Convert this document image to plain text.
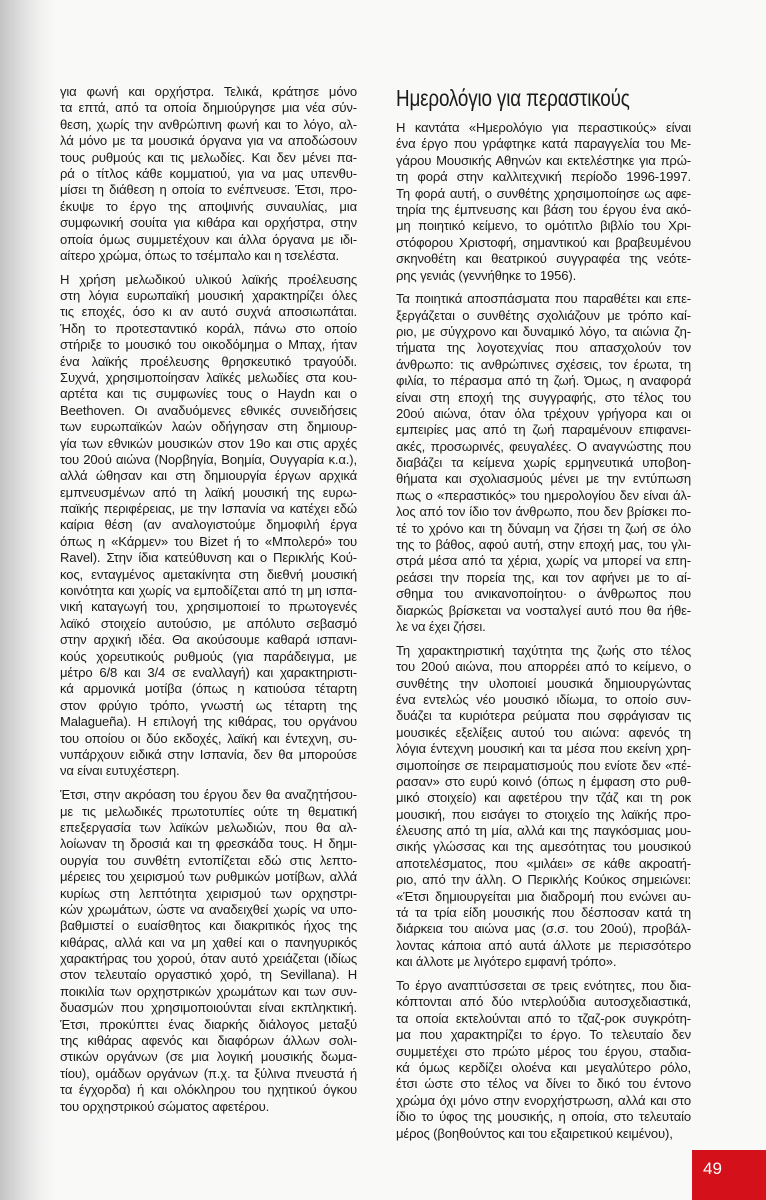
για φωνή και ορχήστρα. Τελικά, κράτησε μόνο
τα επτά, από τα οποία δημιούργησε μια νέα σύν-
θεση, χωρίς την ανθρώπινη φωνή και το λόγο, αλ-
λά μόνο με τα μουσικά όργανα για να αποδώσουν
τους ρυθμούς και τις μελωδίες. Και δεν μένει πα-
ρά ο τίτλος κάθε κομματιού, για να μας υπενθυ-
μίσει τη διάθεση η οποία το ενέπνευσε. Έτσι, προ-
έκυψε το έργο της αποψινής συναυλίας, μια
συμφωνική σουίτα για κιθάρα και ορχήστρα, στην
οποία όμως συμμετέχουν και άλλα όργανα με ιδι-
αίτερο χρώμα, όπως το τσέμπαλο και η τσελέστα.
Η χρήση μελωδικού υλικού λαϊκής προέλευσης
στη λόγια ευρωπαϊκή μουσική χαρακτηρίζει όλες
τις εποχές, όσο κι αν αυτό συχνά αποσιωπάται.
Ήδη το προτεσταντικό κοράλ, πάνω στο οποίο
στήριξε το μουσικό του οικοδόμημα ο Μπαχ, ήταν
ένα λαϊκής προέλευσης θρησκευτικό τραγούδι.
Συχνά, χρησιμοποίησαν λαϊκές μελωδίες στα κου-
αρτέτα και τις συμφωνίες τους ο Haydn και ο
Beethoven. Οι αναδυόμενες εθνικές συνειδήσεις
των ευρωπαϊκών λαών οδήγησαν στη δημιουρ-
γία των εθνικών μουσικών στον 19ο και στις αρχές
του 20ού αιώνα (Νορβηγία, Βοημία, Ουγγαρία κ.α.),
αλλά ώθησαν και στη δημιουργία έργων αρχικά
εμπνευσμένων από τη λαϊκή μουσική της ευρω-
παϊκής περιφέρειας, με την Ισπανία να κατέχει εδώ
καίρια θέση (αν αναλογιστούμε δημοφιλή έργα
όπως η «Κάρμεν» του Bizet ή το «Μπολερό» του
Ravel). Στην ίδια κατεύθυνση και ο Περικλής Κού-
κος, ενταγμένος αμετακίνητα στη διεθνή μουσική
κοινότητα και χωρίς να εμποδίζεται από τη μη ισπα-
νική καταγωγή του, χρησιμοποιεί το πρωτογενές
λαϊκό στοιχείο αυτούσιο, με απόλυτο σεβασμό
στην αρχική ιδέα. Θα ακούσουμε καθαρά ισπανι-
κούς χορευτικούς ρυθμούς (για παράδειγμα, με
μέτρο 6/8 και 3/4 σε εναλλαγή) και χαρακτηριστι-
κά αρμονικά μοτίβα (όπως η κατιούσα τέταρτη
στον φρύγιο τρόπο, γνωστή ως τέταρτη της
Malagueña). Η επιλογή της κιθάρας, του οργάνου
του οποίου οι δύο εκδοχές, λαϊκή και έντεχνη, συ-
νυπάρχουν ειδικά στην Ισπανία, δεν θα μπορούσε
να είναι ευτυχέστερη.
Έτσι, στην ακρόαση του έργου δεν θα αναζητήσου-
με τις μελωδικές πρωτοτυπίες ούτε τη θεματική
επεξεργασία των λαϊκών μελωδιών, που θα αλ-
λοίωναν τη δροσιά και τη φρεσκάδα τους. Η δημι-
ουργία του συνθέτη εντοπίζεται εδώ στις λεπτο-
μέρειες του χειρισμού των ρυθμικών μοτίβων, αλλά
κυρίως στη λεπτότητα χειρισμού των ορχηστρι-
κών χρωμάτων, ώστε να αναδειχθεί χωρίς να υπο-
βαθμιστεί ο ευαίσθητος και διακριτικός ήχος της
κιθάρας, αλλά και να μη χαθεί και ο πανηγυρικός
χαρακτήρας του χορού, όταν αυτό χρειάζεται (ιδίως
στον τελευταίο οργαστικό χορό, τη Sevillana). Η
ποικιλία των ορχηστρικών χρωμάτων και των συν-
δυασμών που χρησιμοποιούνται είναι εκπληκτική.
Έτσι, προκύπτει ένας διαρκής διάλογος μεταξύ
της κιθάρας αφενός και διαφόρων άλλων σολι-
στικών οργάνων (σε μια λογική μουσικής δωμα-
τίου), ομάδων οργάνων (π.χ. τα ξύλινα πνευστά ή
τα έγχορδα) ή και ολόκληρου του ηχητικού όγκου
του ορχηστρικού σώματος αφετέρου.
Ημερολόγιο για περαστικούς
Η καντάτα «Ημερολόγιο για περαστικούς» είναι
ένα έργο που γράφτηκε κατά παραγγελία του Με-
γάρου Μουσικής Αθηνών και εκτελέστηκε για πρώ-
τη φορά στην καλλιτεχνική περίοδο 1996-1997.
Τη φορά αυτή, ο συνθέτης χρησιμοποίησε ως αφε-
τηρία της έμπνευσης και βάση του έργου ένα ακό-
μη ποιητικό κείμενο, το ομότιτλο βιβλίο του Χρι-
στόφορου Χριστοφή, σημαντικού και βραβευμένου
σκηνοθέτη και θεατρικού συγγραφέα της νεότε-
ρης γενιάς (γεννήθηκε το 1956).
Τα ποιητικά αποσπάσματα που παραθέτει και επε-
ξεργάζεται ο συνθέτης σχολιάζουν με τρόπο καί-
ριο, με σύγχρονο και δυναμικό λόγο, τα αιώνια ζη-
τήματα της λογοτεχνίας που απασχολούν τον
άνθρωπο: τις ανθρώπινες σχέσεις, τον έρωτα, τη
φιλία, το πέρασμα από τη ζωή. Όμως, η αναφορά
είναι στη εποχή της συγγραφής, στο τέλος του
20ού αιώνα, όταν όλα τρέχουν γρήγορα και οι
εμπειρίες μας από τη ζωή παραμένουν επιφανει-
ακές, προσωρινές, φευγαλέες. Ο αναγνώστης που
διαβάζει τα κείμενα χωρίς ερμηνευτικά υποβοη-
θήματα και σχολιασμούς μένει με την εντύπωση
πως ο «περαστικός» του ημερολογίου δεν είναι άλ-
λος από τον ίδιο τον άνθρωπο, που δεν βρίσκει πο-
τέ το χρόνο και τη δύναμη να ζήσει τη ζωή σε όλο
της το βάθος, αφού αυτή, στην εποχή μας, του γλι-
στρά μέσα από τα χέρια, χωρίς να μπορεί να επη-
ρεάσει την πορεία της, και τον αφήνει με το αί-
σθημα του ανικανοποίητου· ο άνθρωπος που
διαρκώς βρίσκεται να νοσταλγεί αυτό που θα ήθε-
λε να έχει ζήσει.
Τη χαρακτηριστική ταχύτητα της ζωής στο τέλος
του 20ού αιώνα, που απορρέει από το κείμενο, ο
συνθέτης την υλοποιεί μουσικά δημιουργώντας
ένα εντελώς νέο μουσικό ιδίωμα, το οποίο συν-
δυάζει τα κυριότερα ρεύματα που σφράγισαν τις
μουσικές εξελίξεις αυτού του αιώνα: αφενός τη
λόγια έντεχνη μουσική και τα μέσα που εκείνη χρη-
σιμοποίησε σε πειραματισμούς που ενίοτε δεν «πέ-
ρασαν» στο ευρύ κοινό (όπως η έμφαση στο ρυθ-
μικό στοιχείο) και αφετέρου την τζάζ και τη ροκ
μουσική, που εισάγει το στοιχείο της λαϊκής προ-
έλευσης από τη μία, αλλά και της παγκόσμιας μου-
σικής γλώσσας και της αμεσότητας του μουσικού
αποτελέσματος, που «μιλάει» σε κάθε ακροατή-
ριο, από την άλλη. Ο Περικλής Κούκος σημειώνει:
«Έτσι δημιουργείται μια διαδρομή που ενώνει αυ-
τά τα τρία είδη μουσικής που δέσποσαν κατά τη
διάρκεια του αιώνα μας (σ.σ. του 20ού), προβάλ-
λοντας κάποια από αυτά άλλοτε με περισσότερο
και άλλοτε με λιγότερο εμφανή τρόπο».
Το έργο αναπτύσσεται σε τρεις ενότητες, που δια-
κόπτονται από δύο ιντερλούδια αυτοσχεδιαστικά,
τα οποία εκτελούνται από το τζαζ-ροκ συγκρότη-
μα που χαρακτηρίζει το έργο. Το τελευταίο δεν
συμμετέχει στο πρώτο μέρος του έργου, σταδια-
κά όμως κερδίζει ολοένα και μεγαλύτερο ρόλο,
έτσι ώστε στο τέλος να δίνει το δικό του έντονο
χρώμα όχι μόνο στην ενορχήστρωση, αλλά και στο
ίδιο το ύφος της μουσικής, η οποία, στο τελευταίο
μέρος (βοηθούντος και του εξαιρετικού κειμένου),
49
